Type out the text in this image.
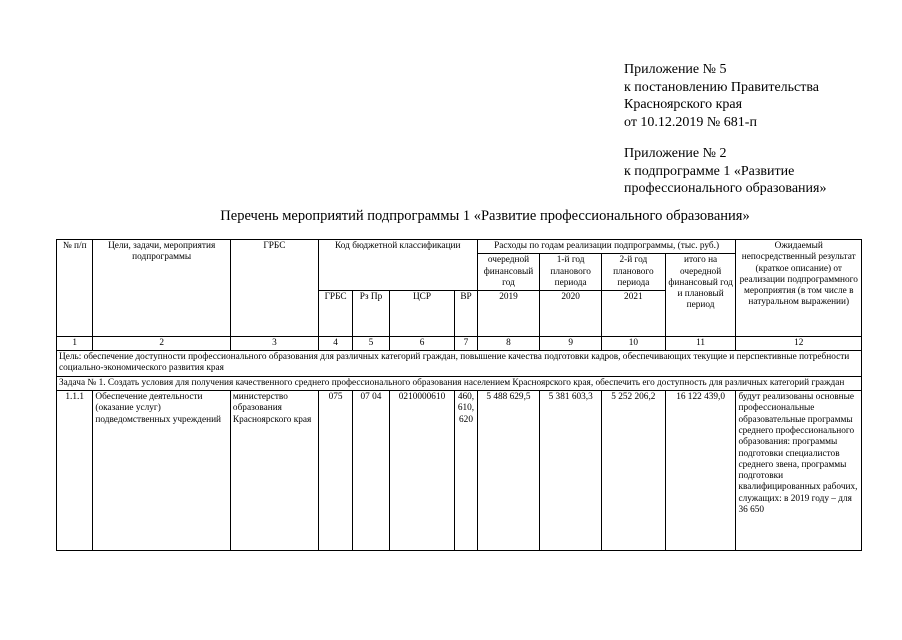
Приложение № 5
к постановлению Правительства
Красноярского края
от 10.12.2019 № 681-п
Приложение № 2
к подпрограмме 1 «Развитие
профессионального образования»
Перечень мероприятий подпрограммы 1 «Развитие профессионального образования»
№ п/п	Цели, задачи, мероприятия подпрограммы	ГРБС	Код бюджетной классификации				Расходы по годам реализации подпрограммы, (тыс. руб.)				Ожидаемый непосредственный результат (краткое описание) от реализации подпрограммного мероприятия (в том числе в натуральном выражении)
							очередной финансовый год	1-й год планового периода	2-й год планового периода	итого на очередной финансовый год и плановый период	
			ГРБС	Рз Пр	ЦСР	ВР	2019	2020	2021		
1	2	3	4	5	6	7	8	9	10	11	12
Цель: обеспечение доступности профессионального образования для различных категорий граждан, повышение качества подготовки кадров, обеспечивающих текущие и перспективные потребности социально-экономического развития края											
Задача № 1. Создать условия для получения качественного среднего профессионального образования населением Красноярского края, обеспечить его доступность для различных категорий граждан											
1.1.1	Обеспечение деятельности (оказание услуг) подведомственных учреждений	министерство образования Красноярского края	075	07 04	0210000610	460, 610, 620	5 488 629,5	5 381 603,3	5 252 206,2	16 122 439,0	будут реализованы основные профессиональные образовательные программы среднего профессионального образования: программы подготовки специалистов среднего звена, программы подготовки квалифицированных рабочих, служащих: в 2019 году – для 36 650
